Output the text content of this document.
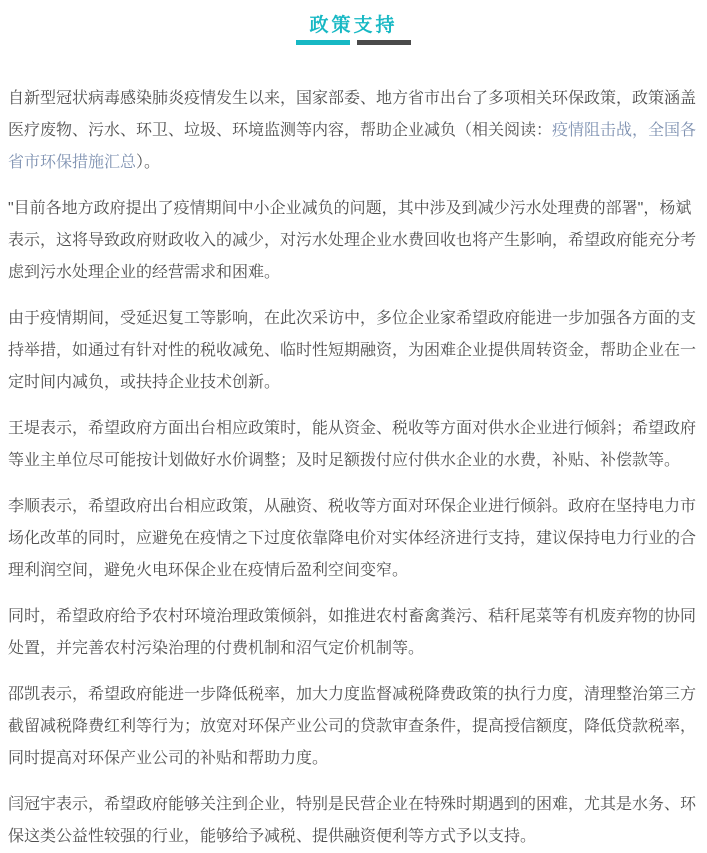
政策支持

自新型冠状病毒感染肺炎疫情发生以来，国家部委、地方省市出台了多项相关环保政策，政策涵盖医疗废物、污水、环卫、垃圾、环境监测等内容，帮助企业减负（相关阅读：疫情阻击战，全国各省市环保措施汇总）。

"目前各地方政府提出了疫情期间中小企业减负的问题，其中涉及到减少污水处理费的部署"，杨斌表示，这将导致政府财政收入的减少，对污水处理企业水费回收也将产生影响，希望政府能充分考虑到污水处理企业的经营需求和困难。

由于疫情期间，受延迟复工等影响，在此次采访中，多位企业家希望政府能进一步加强各方面的支持举措，如通过有针对性的税收减免、临时性短期融资，为困难企业提供周转资金，帮助企业在一定时间内减负，或扶持企业技术创新。

王堤表示，希望政府方面出台相应政策时，能从资金、税收等方面对供水企业进行倾斜；希望政府等业主单位尽可能按计划做好水价调整；及时足额拨付应付供水企业的水费，补贴、补偿款等。

李顺表示，希望政府出台相应政策，从融资、税收等方面对环保企业进行倾斜。政府在坚持电力市场化改革的同时，应避免在疫情之下过度依靠降电价对实体经济进行支持，建议保持电力行业的合理利润空间，避免火电环保企业在疫情后盈利空间变窄。

同时，希望政府给予农村环境治理政策倾斜，如推进农村畜禽粪污、秸秆尾菜等有机废弃物的协同处置，并完善农村污染治理的付费机制和沼气定价机制等。

邵凯表示，希望政府能进一步降低税率，加大力度监督减税降费政策的执行力度，清理整治第三方截留减税降费红利等行为；放宽对环保产业公司的贷款审查条件，提高授信额度，降低贷款税率，同时提高对环保产业公司的补贴和帮助力度。

闫冠宇表示，希望政府能够关注到企业，特别是民营企业在特殊时期遇到的困难，尤其是水务、环保这类公益性较强的行业，能够给予减税、提供融资便利等方式予以支持。
